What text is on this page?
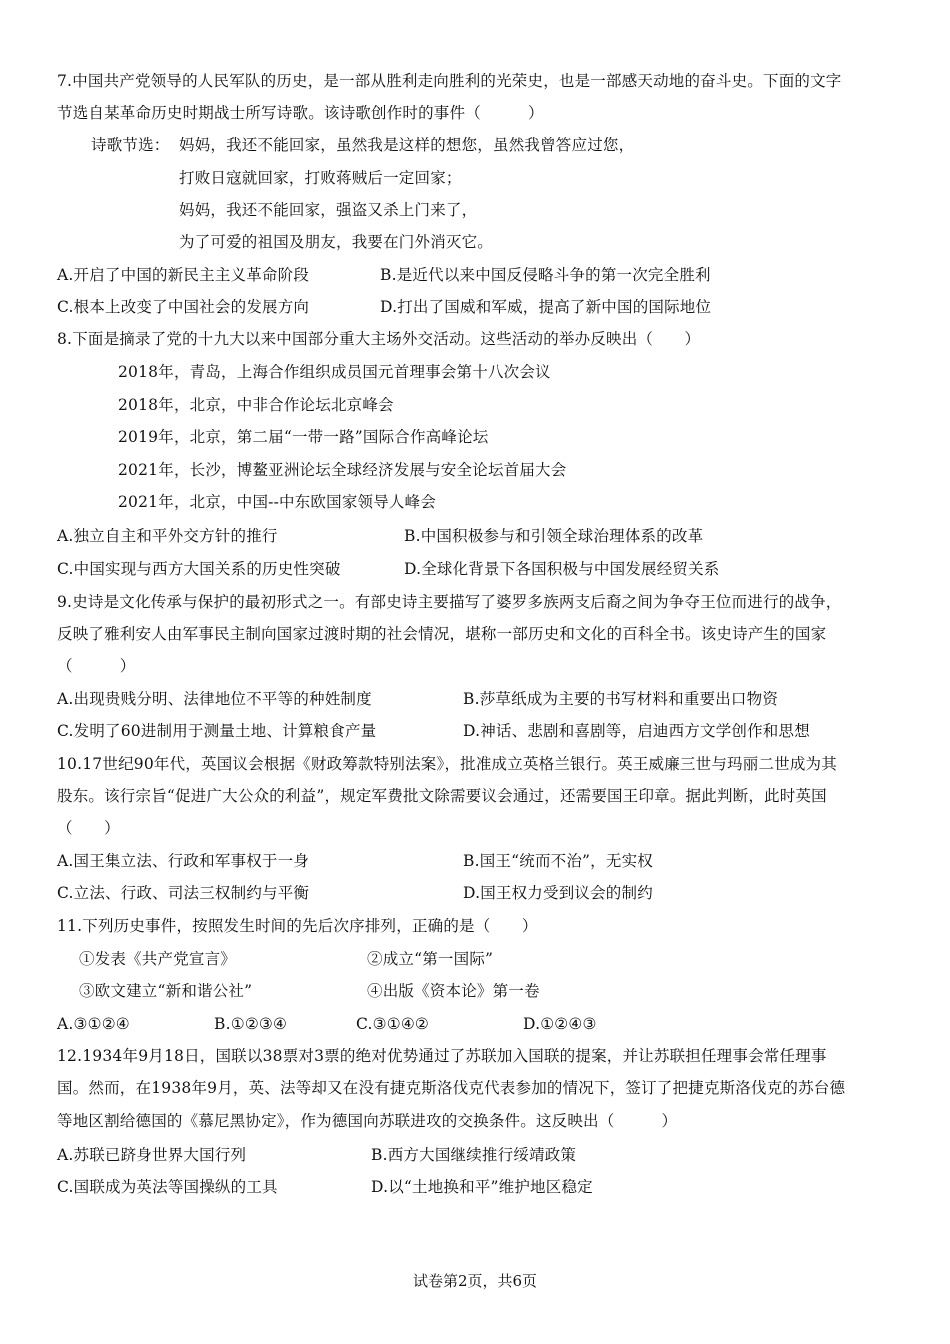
7.中国共产党领导的人民军队的历史，是一部从胜利走向胜利的光荣史，也是一部感天动地的奋斗史。下面的文字
节选自某革命历史时期战士所写诗歌。该诗歌创作时的事件（　　　）
诗歌节选： 妈妈，我还不能回家，虽然我是这样的想您，虽然我曾答应过您，
打败日寇就回家，打败蒋贼后一定回家；
妈妈，我还不能回家，强盗又杀上门来了，
为了可爱的祖国及朋友，我要在门外消灭它。
A.开启了中国的新民主主义革命阶段	B.是近代以来中国反侵略斗争的第一次完全胜利
C.根本上改变了中国社会的发展方向	D.打出了国威和军威，提高了新中国的国际地位
8.下面是摘录了党的十九大以来中国部分重大主场外交活动。这些活动的举办反映出（　　）
2018年，青岛，上海合作组织成员国元首理事会第十八次会议
2018年，北京，中非合作论坛北京峰会
2019年，北京，第二届“一带一路”国际合作高峰论坛
2021年，长沙，博鳌亚洲论坛全球经济发展与安全论坛首届大会
2021年，北京，中国--中东欧国家领导人峰会
A.独立自主和平外交方针的推行	B.中国积极参与和引领全球治理体系的改革
C.中国实现与西方大国关系的历史性突破	D.全球化背景下各国积极与中国发展经贸关系
9.史诗是文化传承与保护的最初形式之一。有部史诗主要描写了婆罗多族两支后裔之间为争夺王位而进行的战争，
反映了雅利安人由军事民主制向国家过渡时期的社会情况，堪称一部历史和文化的百科全书。该史诗产生的国家
（　　　）
A.出现贵贱分明、法律地位不平等的种姓制度	B.莎草纸成为主要的书写材料和重要出口物资
C.发明了60进制用于测量土地、计算粮食产量	D.神话、悲剧和喜剧等，启迪西方文学创作和思想
10.17世纪90年代，英国议会根据《财政筹款特别法案》，批准成立英格兰银行。英王威廉三世与玛丽二世成为其
股东。该行宗旨“促进广大公众的利益”，规定军费批文除需要议会通过，还需要国王印章。据此判断，此时英国
（　　）
A.国王集立法、行政和军事权于一身	B.国王“统而不治”，无实权
C.立法、行政、司法三权制约与平衡	D.国王权力受到议会的制约
11.下列历史事件，按照发生时间的先后次序排列，正确的是（　　）
①发表《共产党宣言》	②成立“第一国际”
③欧文建立“新和谐公社”	④出版《资本论》第一卷
A.③①②④	B.①②③④	C.③①④②	D.①②④③
12.1934年9月18日，国联以38票对3票的绝对优势通过了苏联加入国联的提案，并让苏联担任理事会常任理事
国。然而，在1938年9月，英、法等却又在没有捷克斯洛伐克代表参加的情况下，签订了把捷克斯洛伐克的苏台德
等地区割给德国的《慕尼黑协定》，作为德国向苏联进攻的交换条件。这反映出（　　　）
A.苏联已跻身世界大国行列	B.西方大国继续推行绥靖政策
C.国联成为英法等国操纵的工具	D.以“土地换和平”维护地区稳定
试卷第2页，共6页
